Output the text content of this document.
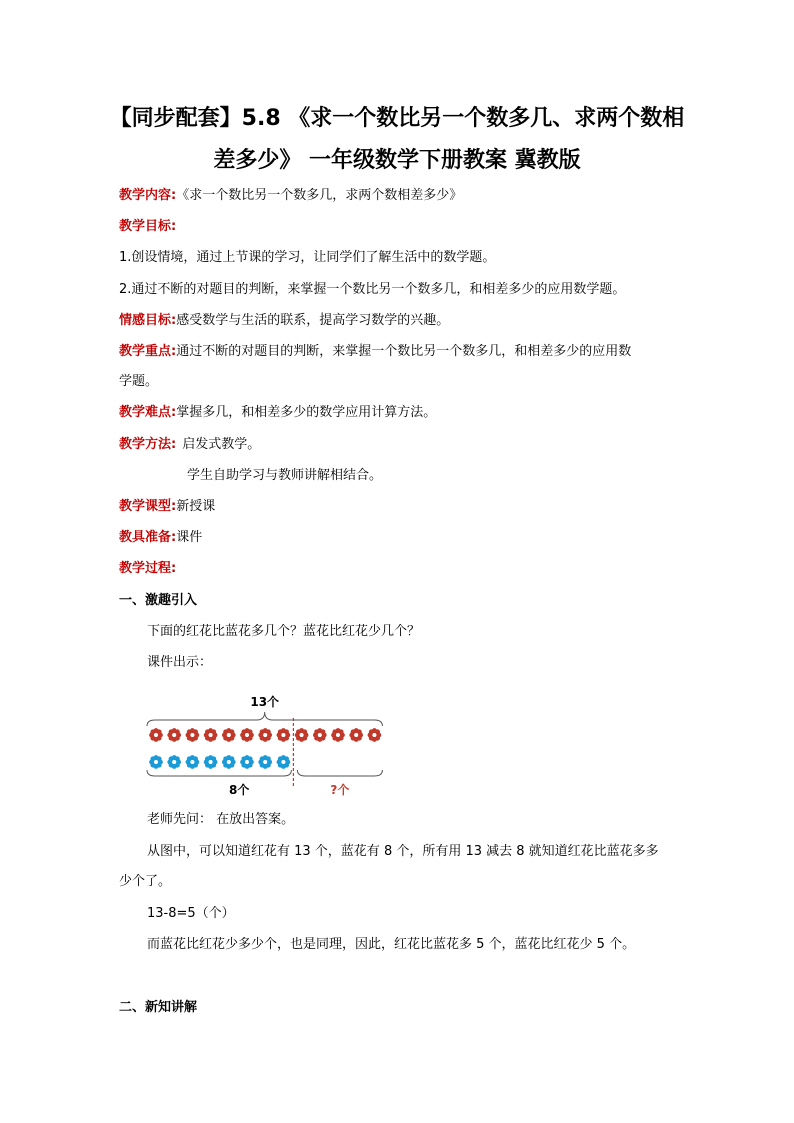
【同步配套】5.8 《求一个数比另一个数多几、求两个数相
差多少》 一年级数学下册教案 冀教版
教学内容:《求一个数比另一个数多几，求两个数相差多少》
教学目标:
1.创设情境，通过上节课的学习，让同学们了解生活中的数学题。
2.通过不断的对题目的判断，来掌握一个数比另一个数多几，和相差多少的应用数学题。
情感目标:感受数学与生活的联系，提高学习数学的兴趣。
教学重点:通过不断的对题目的判断，来掌握一个数比另一个数多几，和相差多少的应用数
学题。
教学难点:掌握多几，和相差多少的数学应用计算方法。
教学方法: 启发式教学。
学生自助学习与教师讲解相结合。
教学课型:新授课
教具准备:课件
教学过程:
一、激趣引入
下面的红花比蓝花多几个？蓝花比红花少几个？
课件出示：
13个
8个	?个
老师先问： 在放出答案。
从图中，可以知道红花有 13 个，蓝花有 8 个，所有用 13 减去 8 就知道红花比蓝花多多
少个了。
13-8=5（个）
而蓝花比红花少多少个，也是同理，因此，红花比蓝花多 5 个，蓝花比红花少 5 个。
二、新知讲解
